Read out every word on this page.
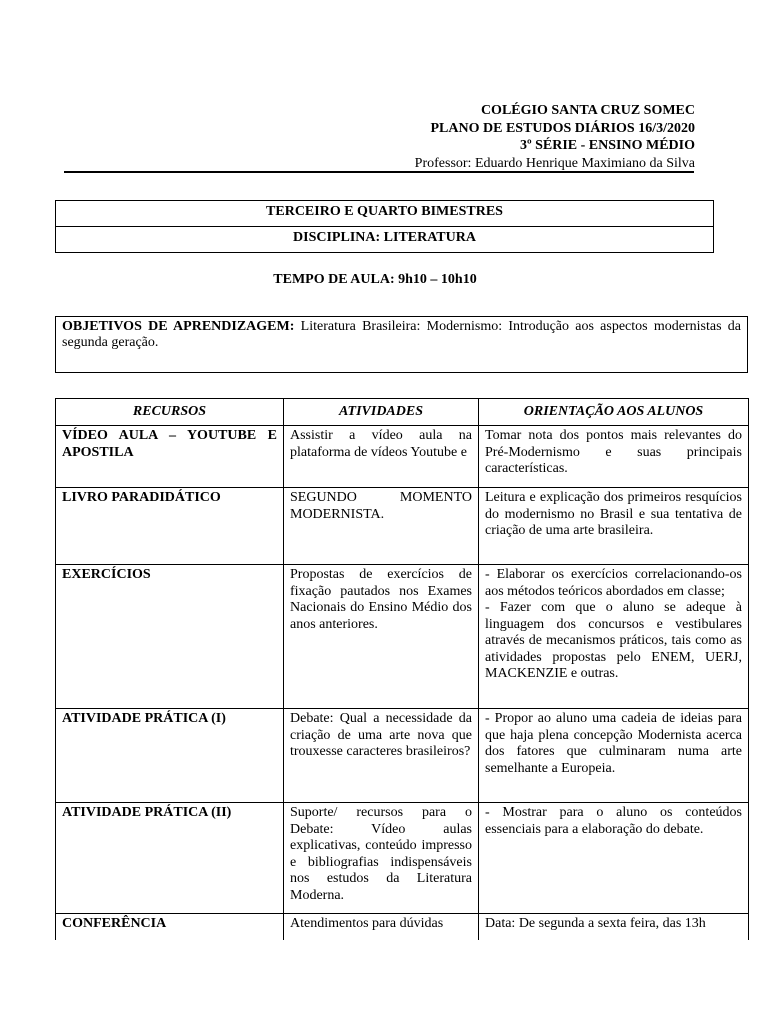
COLÉGIO SANTA CRUZ SOMEC
PLANO DE ESTUDOS DIÁRIOS 16/3/2020
3º SÉRIE - ENSINO MÉDIO
Professor: Eduardo Henrique Maximiano da Silva
TERCEIRO E QUARTO BIMESTRES
DISCIPLINA: LITERATURA
TEMPO DE AULA: 9h10 – 10h10
OBJETIVOS DE APRENDIZAGEM: Literatura Brasileira: Modernismo: Introdução aos aspectos modernistas da segunda geração.
RECURSOS	ATIVIDADES	ORIENTAÇÃO AOS ALUNOS
VÍDEO AULA – YOUTUBE E APOSTILA	Assistir a vídeo aula na plataforma de vídeos Youtube e	Tomar nota dos pontos mais relevantes do Pré-Modernismo e suas principais características.
LIVRO PARADIDÁTICO	SEGUNDO MOMENTO MODERNISTA.	Leitura e explicação dos primeiros resquícios do modernismo no Brasil e sua tentativa de criação de uma arte brasileira.
EXERCÍCIOS	Propostas de exercícios de fixação pautados nos Exames Nacionais do Ensino Médio dos anos anteriores.	- Elaborar os exercícios correlacionando-os aos métodos teóricos abordados em classe;
- Fazer com que o aluno se adeque à linguagem dos concursos e vestibulares através de mecanismos práticos, tais como as atividades propostas pelo ENEM, UERJ, MACKENZIE e outras.

ATIVIDADE PRÁTICA (I)	Debate: Qual a necessidade da criação de uma arte nova que trouxesse caracteres brasileiros?	- Propor ao aluno uma cadeia de ideias para que haja plena concepção Modernista acerca dos fatores que culminaram numa arte semelhante a Europeia.
ATIVIDADE PRÁTICA (II)	Suporte/ recursos para o Debate: Vídeo aulas explicativas, conteúdo impresso e bibliografias indispensáveis nos estudos da Literatura Moderna.	- Mostrar para o aluno os conteúdos essenciais para a elaboração do debate.
CONFERÊNCIA	Atendimentos para dúvidas	Data: De segunda a sexta feira, das 13h
